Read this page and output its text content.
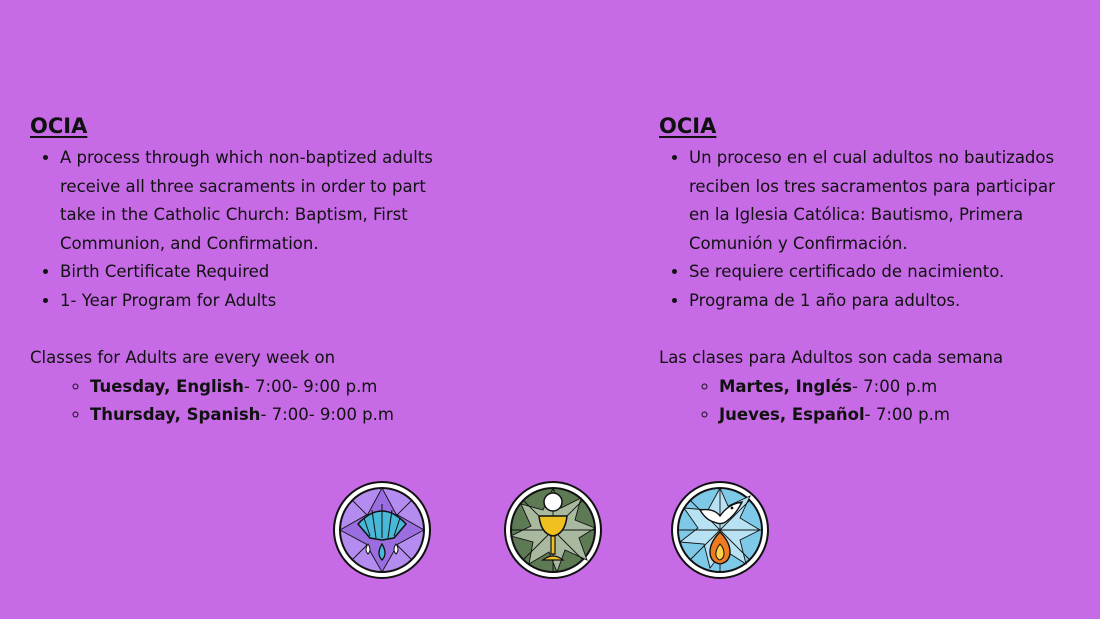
OCIA
• A process through which non-baptized adults receive all three sacraments in order to part take in the Catholic Church: Baptism, First Communion, and Confirmation.
• Birth Certificate Required
• 1- Year Program for Adults

Classes for Adults are every week on

◦ Tuesday, English- 7:00- 9:00 p.m
◦ Thursday, Spanish- 7:00- 9:00 p.m
OCIA
• Un proceso en el cual adultos no bautizados reciben los tres sacramentos para participar en la Iglesia Católica: Bautismo, Primera Comunión y Confirmación.
• Se requiere certificado de nacimiento.
• Programa de 1 año para adultos.

Las clases para Adultos son cada semana

◦ Martes, Inglés- 7:00 p.m
◦ Jueves, Español- 7:00 p.m
